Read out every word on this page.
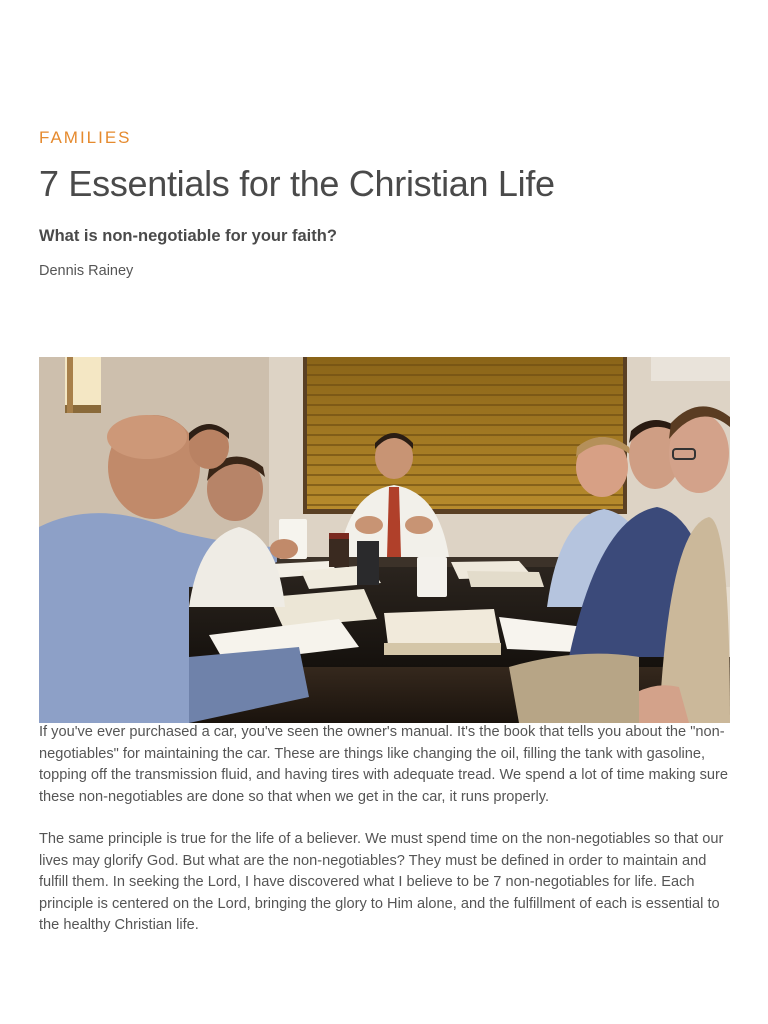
FAMILIES
7 Essentials for the Christian Life
What is non-negotiable for your faith?
Dennis Rainey

If you've ever purchased a car, you've seen the owner's manual. It's the book that tells you about the "non-negotiables" for maintaining the car. These are things like changing the oil, filling the tank with gasoline, topping off the transmission fluid, and having tires with adequate tread. We spend a lot of time making sure these non-negotiables are done so that when we get in the car, it runs properly.

The same principle is true for the life of a believer. We must spend time on the non-negotiables so that our lives may glorify God. But what are the non-negotiables? They must be defined in order to maintain and fulfill them. In seeking the Lord, I have discovered what I believe to be 7 non-negotiables for life. Each principle is centered on the Lord, bringing the glory to Him alone, and the fulfillment of each is essential to the healthy Christian life.
